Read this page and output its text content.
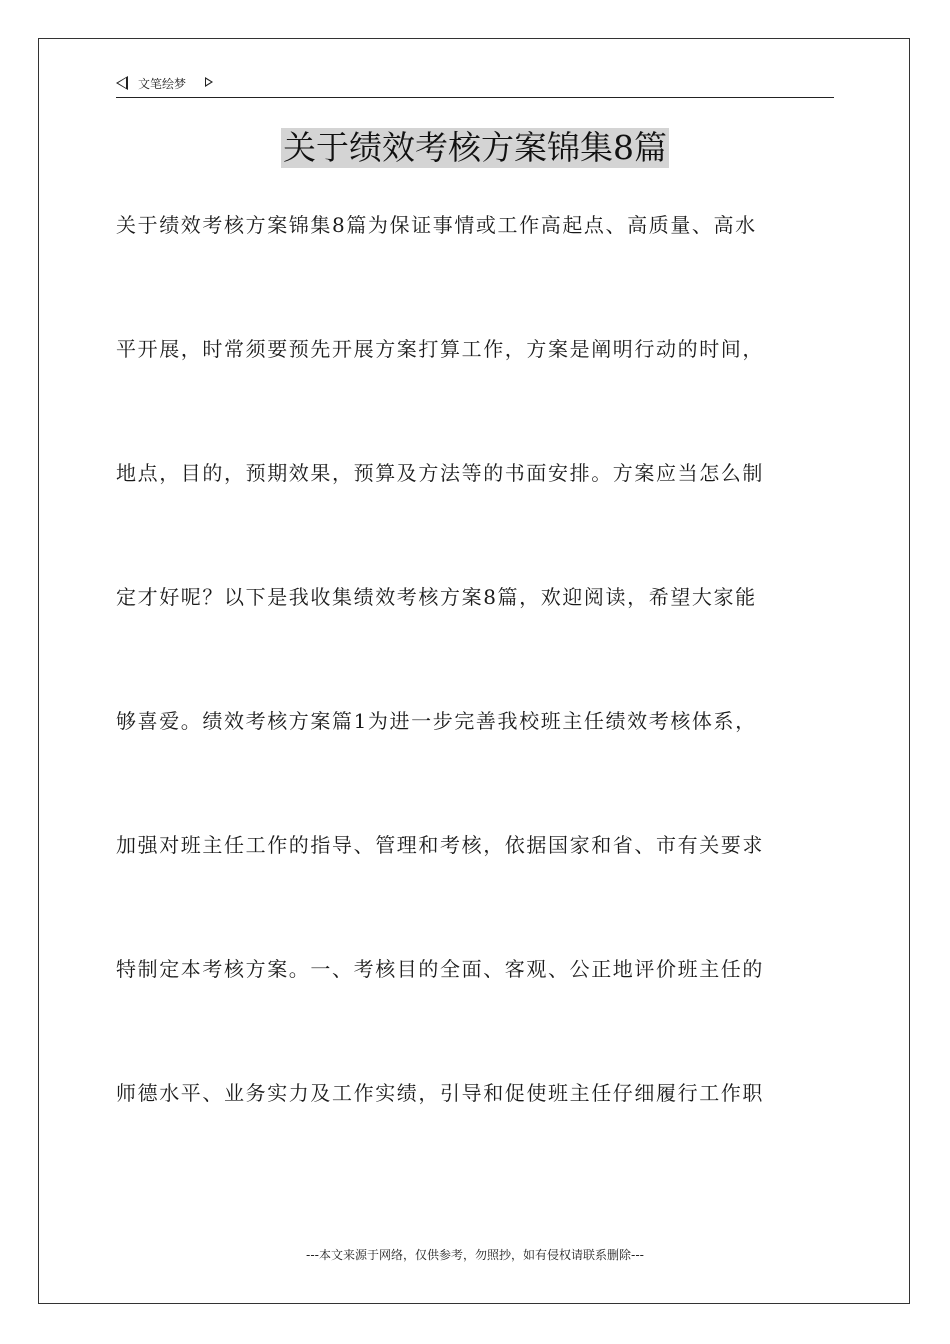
文笔绘梦
关于绩效考核方案锦集8篇
关于绩效考核方案锦集8篇为保证事情或工作高起点、高质量、高水
平开展，时常须要预先开展方案打算工作，方案是阐明行动的时间，
地点，目的，预期效果，预算及方法等的书面安排。方案应当怎么制
定才好呢？以下是我收集绩效考核方案8篇，欢迎阅读，希望大家能
够喜爱。绩效考核方案篇1为进一步完善我校班主任绩效考核体系，
加强对班主任工作的指导、管理和考核，依据国家和省、市有关要求
特制定本考核方案。一、考核目的全面、客观、公正地评价班主任的
师德水平、业务实力及工作实绩，引导和促使班主任仔细履行工作职
---本文来源于网络，仅供参考，勿照抄，如有侵权请联系删除---
